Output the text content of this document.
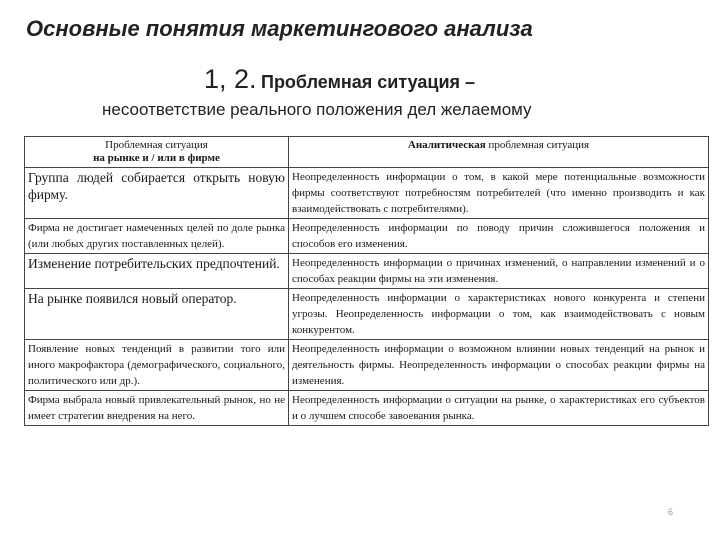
Основные понятия маркетингового анализа
1, 2. Проблемная ситуация –
несоответствие реального положения дел желаемому
Проблемная ситуация
на рынке и / или в фирме	Аналитическая проблемная ситуация
Группа людей собирается открыть новую фирму.	Неопределенность информации о том, в какой мере потенциальные возможности фирмы соответствуют потребностям потребителей (что именно производить и как взаимодействовать с потребителями).
Фирма не достигает намеченных целей по доле рынка (или любых других поставленных целей).	Неопределенность информации по поводу причин сложившегося положения и способов его изменения.
Изменение потребительских предпочтений.	Неопределенность информации о причинах изменений, о направлении изменений и о способах реакции фирмы на эти изменения.
На рынке появился новый оператор.	Неопределенность информации о характеристиках нового конкурента и степени угрозы. Неопределенность информации о том, как взаимодействовать с новым конкурентом.
Появление новых тенденций в развитии того или иного макрофактора (демографического, социального, политического или др.).	Неопределенность информации о возможном влиянии новых тенденций на рынок и деятельность фирмы. Неопределенность информации о способах реакции фирмы на изменения.
Фирма выбрала новый привлекательный рынок, но не имеет стратегии внедрения на него.	Неопределенность информации о ситуации на рынке, о характеристиках его субъектов и о лучшем способе завоевания рынка.
6
